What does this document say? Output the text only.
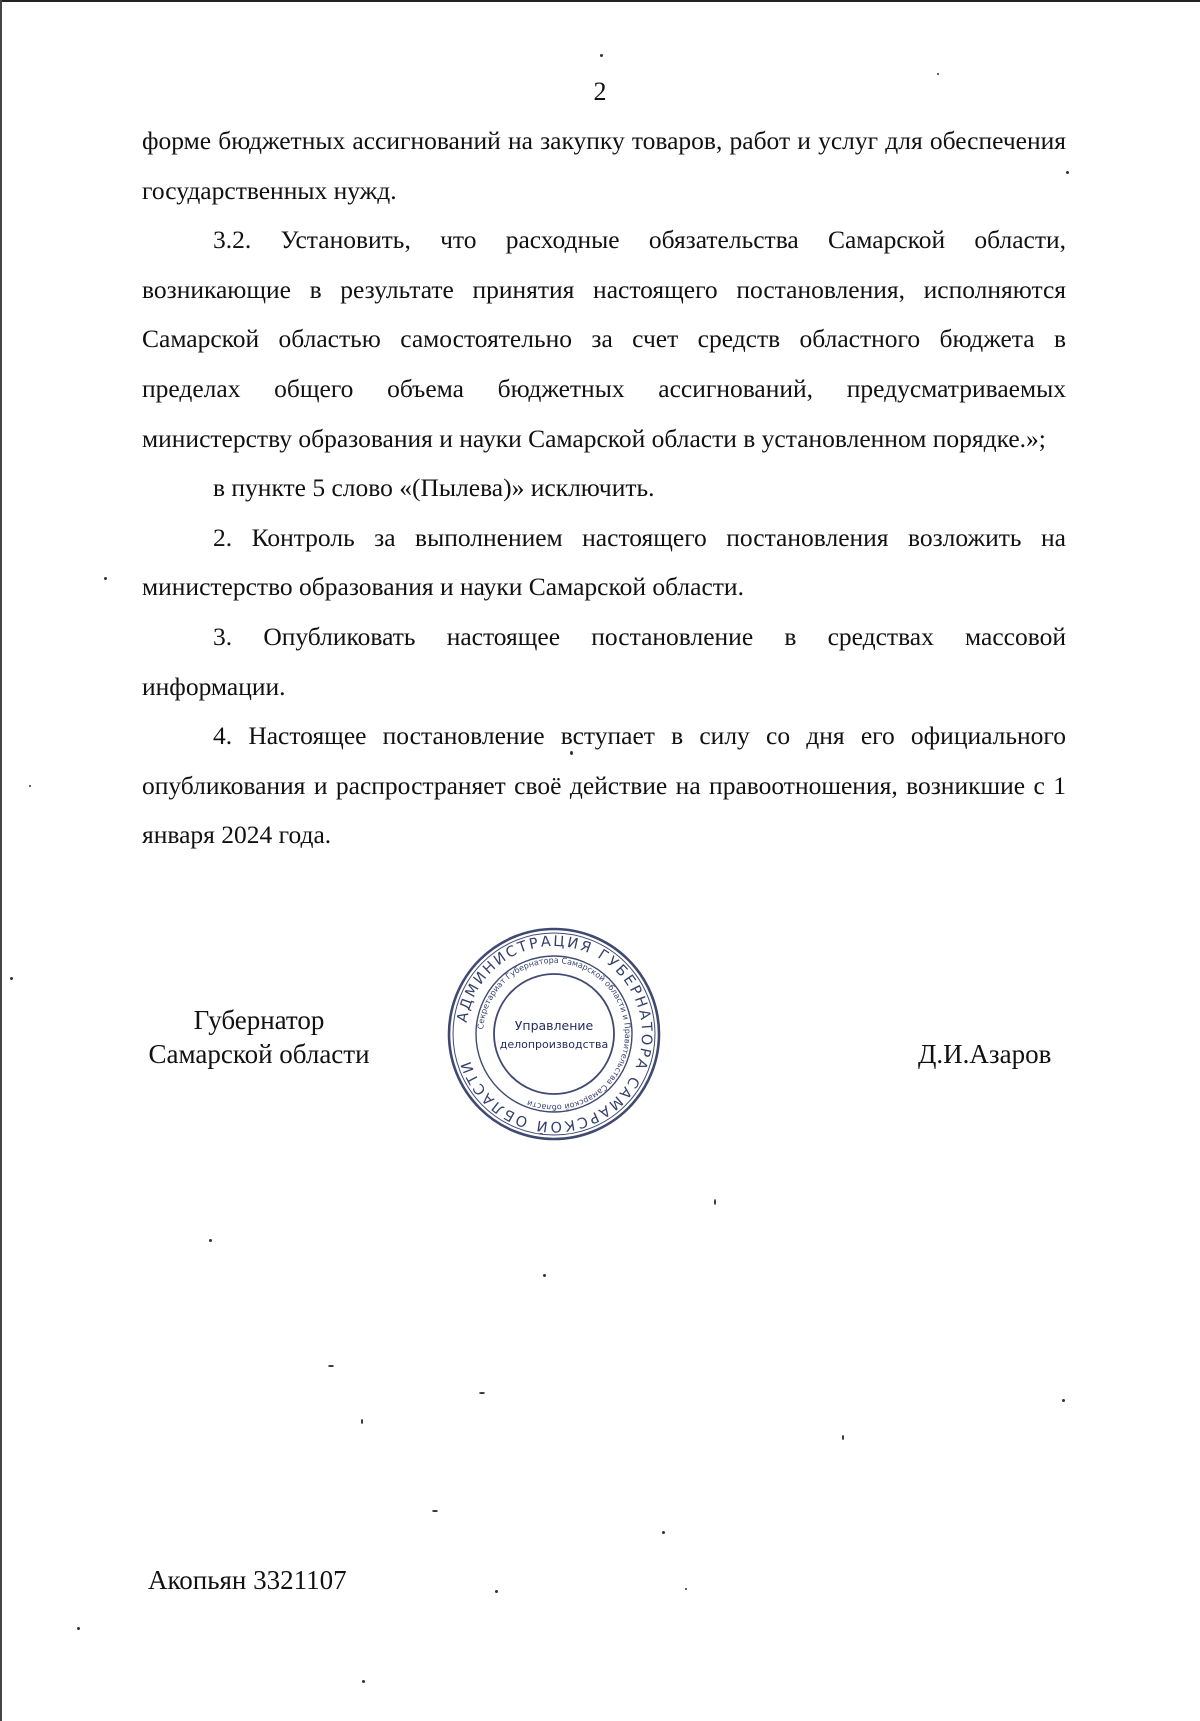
2

форме бюджетных ассигнований на закупку товаров, работ и услуг для обеспечения государственных нужд.

3.2. Установить, что расходные обязательства Самарской области, возникающие в результате принятия настоящего постановления, исполняются Самарской областью самостоятельно за счет средств областного бюджета в пределах общего объема бюджетных ассигнований, предусматриваемых министерству образования и науки Самарской области в установленном порядке.»;

в пункте 5 слово «(Пылева)» исключить.

2. Контроль за выполнением настоящего постановления возложить на министерство образования и науки Самарской области.

3. Опубликовать настоящее постановление в средствах массовой информации.

4. Настоящее постановление вступает в силу со дня его официального опубликования и распространяет своё действие на правоотношения, возникшие с 1 января 2024 года.

Губернатор
Самарской области	Д.И.Азаров
АДМИНИСТРАЦИЯ ГУБЕРНАТОРА САМАРСКОЙ ОБЛАСТИ
Секретариат Губернатора Самарской области и Правительства Самарской области
Управление
делопроизводства
Акопьян 3321107
